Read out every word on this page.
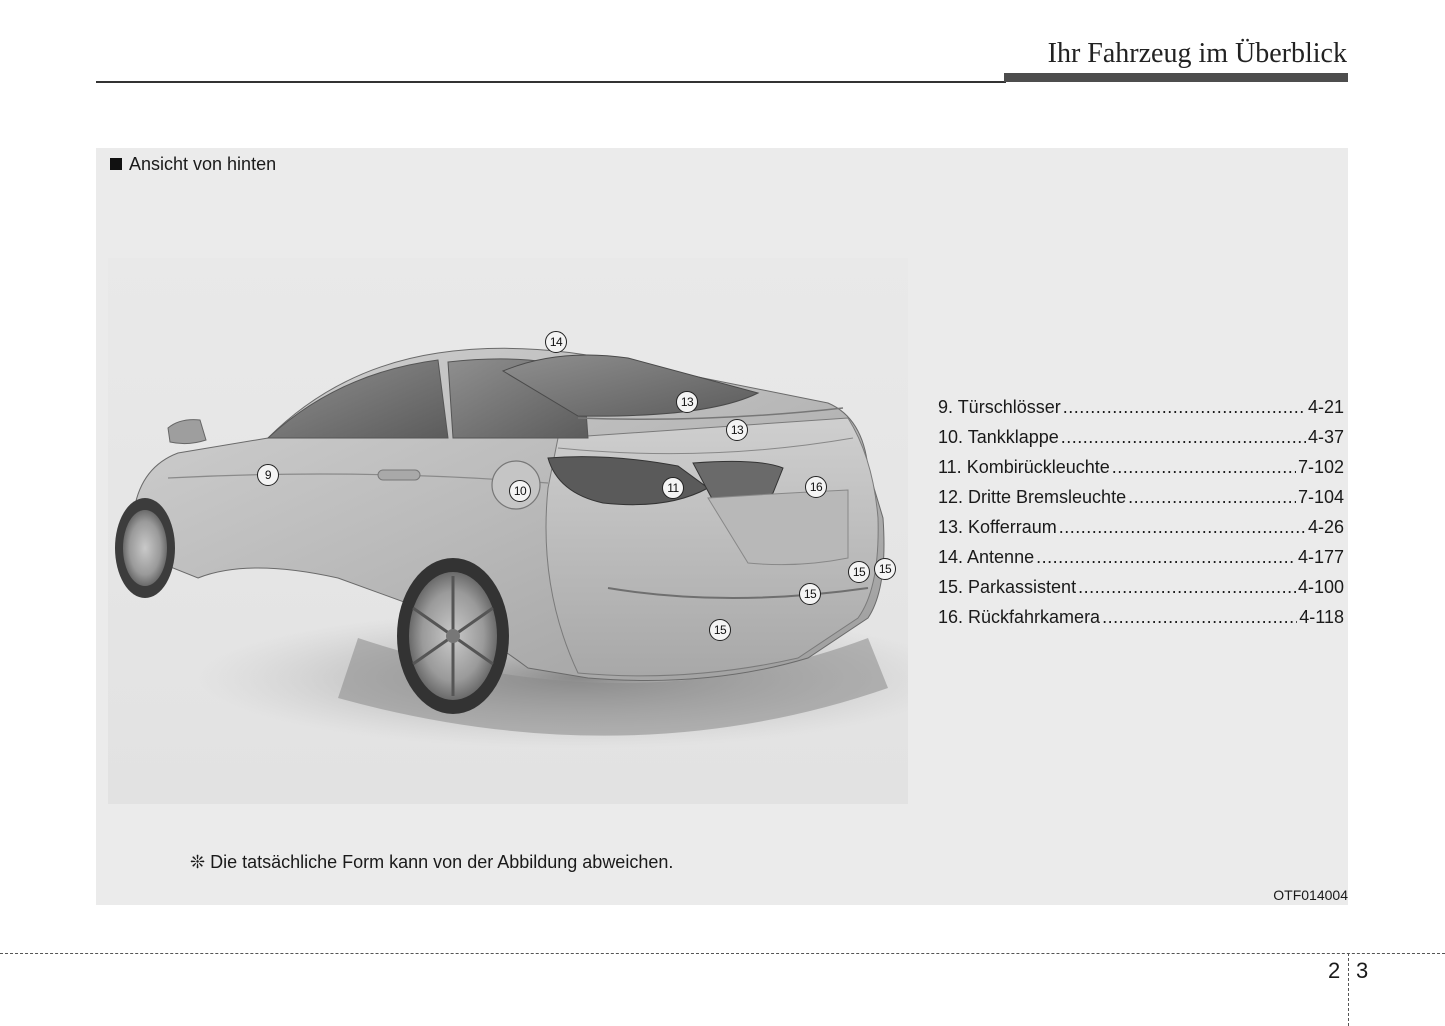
Ihr Fahrzeug im Überblick
Ansicht von hinten
14
13
13
9
10	11	16
15	15
15
15
9. Türschlösser .....	4-21
10. Tankklappe .....	4-37
11. Kombirückleuchte .....	7-102
12. Dritte Bremsleuchte .....	7-104
13. Kofferraum .....	4-26
14. Antenne .....	4-177
15. Parkassistent .....	4-100
16. Rückfahrkamera .....	4-118
❊ Die tatsächliche Form kann von der Abbildung abweichen.
OTF014004
2 3
